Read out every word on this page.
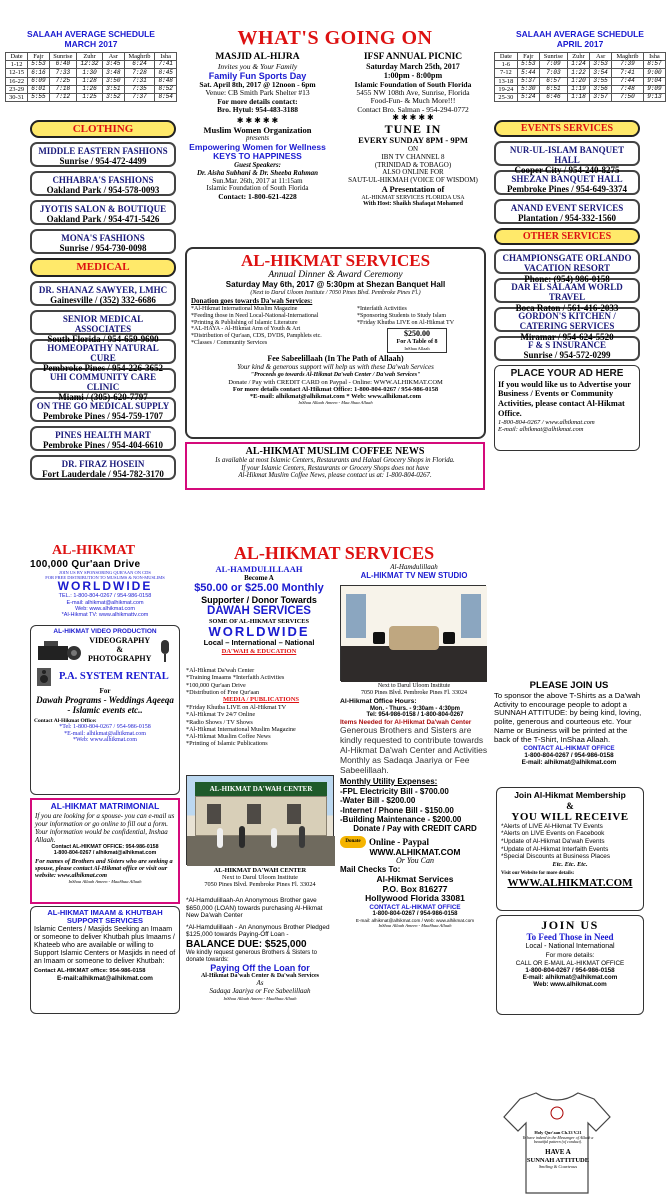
SALAAH AVERAGE SCHEDULE
MARCH 2017
Date	Fajr	Sunrise	Zuhr	Asr	Maghrib	Isha
1-12	5:53	6:40	12:32	3:45	6:24	7:41
12-15	6:16	7:33	1:30	3:48	7:28	8:45
16-22	6:09	7:25	1:28	3:50	7:31	8:48
23-29	6:01	7:18	1:26	3:51	7:35	8:52
30-31	5:55	7:12	1:25	3:52	7:37	8:54
SALAAH AVERAGE SCHEDULE
APRIL 2017
Date	Fajr	Sunrise	Zuhr	Asr	Maghrib	Isha
1-6	5:53	7:09	1:24	3:53	7:39	8:57
7-12	5:44	7:03	1:22	3:54	7:41	9:00
13-18	5:37	6:57	1:20	3:55	7:44	9:04
19-24	5:30	6:51	1:19	3:56	7:48	9:09
25-30	5:24	6:46	1:18	3:57	7:50	9:13
CLOTHING
MIDDLE EASTERN FASHIONS
Sunrise / 954-472-4499
CHHABRA'S FASHIONS
Oakland Park / 954-578-0093
JYOTIS SALON & BOUTIQUE
Oakland Park / 954-471-5426
MONA'S FASHIONS
Sunrise / 954-730-0098
MEDICAL
DR. SHANAZ SAWYER, LMHC
Gainesville / (352) 332-6686
SENIOR MEDICAL ASSOCIATES
South Florida / 954-659-9690
HOMEOPATHY NATURAL CURE
Pembroke Pines / 954-226-3652
UHI COMMUNITY CARE CLINIC
Miami / (305)-620-7797
ON THE GO MEDICAL SUPPLY
Pembroke Pines / 954-759-1707
PINES HEALTH MART
Pembroke Pines / 954-404-6610
DR. FIRAZ HOSEIN
Fort Lauderdale / 954-782-3170
EVENTS SERVICES
NUR-UL-ISLAM BANQUET HALL
Cooper City / 954-240-8275
SHEZAN BANQUET HALL
Pembroke Pines / 954-649-3374
ANAND EVENT SERVICES
Plantation / 954-332-1560
OTHER SERVICES
CHAMPIONSGATE ORLANDO VACATION RESORT
Phone: (954) 986-0158
DAR EL SALAAM WORLD TRAVEL
Boca Raton / 561-416-2033
GORDON'S KITCHEN / CATERING SERVICES
Miramar / 954-624-5520
F & S INSURANCE
Sunrise / 954-572-0299
PLACE YOUR AD HERE
If you would like us to Advertise your Business / Events or Community Activities, please contact Al-Hikmat Office.
1-800-804-0267 / www.alhikmat.com
E-mail: alhikmat@alhikmat.com
WHAT'S GOING ON
MASJID AL-HIJRA
Invites you & Your Family
Family Fun Sports Day
Sat. April 8th, 2017 @ 12noon - 6pm
Venue: CB Smith Park Shelter #13
For more details contact:
Bro. Hytul: 954-483-3188
✱ ✱ ✱ ✱ ✱
Muslim Women Organization
presents
Empowering Women for Wellness
KEYS TO HAPPINESS
Guest Speakers:
Dr. Aisha Subhani & Dr. Sheeba Rahman
Sun.Mar. 26th, 2017 at 11:15am
Islamic Foundation of South Florida
Contact: 1-800-621-4228
IFSF ANNUAL PICNIC
Saturday March 25th, 2017
1:00pm - 8:00pm
Islamic Foundation of South Florida
5455 NW 108th Ave, Sunrise, Florida
Food-Fun- & Much More!!!
Contact Bro. Salman - 954-294-0772
✱ ✱ ✱ ✱ ✱
TUNE IN
EVERY SUNDAY 8PM - 9PM
ON
IBN TV CHANNEL 8
(TRINIDAD & TOBAGO)
ALSO ONLINE FOR
SAUT-UL-HIKMAH (VOICE OF WISDOM)
A Presentation of
AL-HIKMAT SERVICES FLORIDA USA
With Host: Shaikh Shafaqat Mohamed
AL-HIKMAT SERVICES
Annual Dinner & Award Ceremony
Saturday May 6th, 2017 @ 5:30pm at Shezan Banquet Hall
(Next to Darul Uloom Institute / 7050 Pines Blvd. Pembroke Pines Fl.)
Donation goes towards Da'wah Services:
*Al-Hikmat International Muslim Magazine
*Feeding those in Need Local-National-International
*Printing & Publishing of Islamic Literature
*AL-HAYA - Al-Hikmat Arm of Youth & Art
*Distribution of Qur'aan, CDS, DVDS, Pamphlets etc.
*Classes / Community Services
*Interfaith Activities
*Sponsoring Students to Study Islam
*Friday Khutba LIVE on Al-Hikmat TV
$250.00
For A Table of 8
InShaa Allaah
Fee Sabeelillaah (In The Path of Allaah)
Your kind & generous support will help us with these Da'wah Services
"Proceeds go towards Al-Hikmat Da'wah Center / Da'wah Services"
Donate / Pay with CREDIT CARD on Paypal - Online: WWW.ALHIKMAT.COM
For more details contact Al-Hikmat Office: 1-800-804-0267 / 954-986-0158
*E-mail: alhikmat@alhikmat.com * Web: www.alhikmat.com
InShaa Allaah Ameen - Maa Shaa Allaah
AL-HIKMAT MUSLIM COFFEE NEWS
Is available at most Islamic Centers, Restaurants and Halaal Grocery Shops in Florida.
If your Islamic Centers, Restaurants or Grocery Shops does not have
Al-Hikmat Muslim Coffee News, please contact us at: 1-800-804-0267.
AL-HIKMAT
100,000 Qur'aan Drive
JOIN US BY SPONSORING QUR'AAN ON CDS
FOR FREE DISTRIBUTION TO MUSLIMS & NON-MUSLIMS
WORLDWIDE
TEL.: 1-800-804-0267 / 954-986-0158
E-mail: alhikmat@alhikmat.com
Web: www.alhikmat.com
*Al-Hikmat TV: www.alhikmattv.com
AL-HIKMAT VIDEO PRODUCTION
VIDEOGRAPHY
&
PHOTOGRAPHY
P.A. SYSTEM RENTAL
For
Dawah Programs - Weddings Aqeeqa - Islamic events etc..
Contact Al-Hikmat Office:
*Tel: 1-800-804-0267 / 954-986-0158
*E-mail: alhikmat@alhikmat.com
*Web: www.alhikmat.com
AL-HIKMAT MATRIMONIAL
If you are looking for a spouse- you can e-mail us your information or go online to fill out a form. Your information would be confidential, Inshaa Allaah.
Contact AL-HIKMAT OFFICE: 954-986-0158
1-800-804-0267 / alhikmat@alhikmat.com
For names of Brothers and Sisters who are seeking a spouse, please contact Al-Hikmat office or visit our website: www.alhikmat.com
InShaa Allaah Ameen - MaaShaa Allaah
AL-HIKMAT IMAAM & KHUTBAH
SUPPORT SERVICES
Islamic Centers / Masjids Seeking an Imaam or someone to deliver Khutbah plus Imaams / Khateeb who are available or willing to Support Islamic Centers or Masjids in need of an Imaam or someone to deliver Khutbah:
Contact AL-HIKMAT office: 954-986-0158
E-mail:alhikmat@alhikmat.com
AL-HIKMAT SERVICES
AL-HAMDULILLAAH
Become A
$50.00 or $25.00 Monthly
Supporter / Donor Towards
DAWAH SERVICES
SOME OF AL-HIKMAT SERVICES
WORLDWIDE
Local – International – National
DA'WAH & EDUCATION
*Al-Hikmat Da'wah Center
*Training Imaams *Interfaith Activities
*100,000 Qur'aan Drive
*Distribution of Free Qur'aan
MEDIA / PUBLICATIONS
*Friday Khutba LIVE on Al-Hikmat TV
*Al-Hikmat Tv 24/7 Online
*Radio Shows / TV Shows
*Al-Hikmat International Muslim Magazine
*Al-Hikmat Muslim Coffee News
*Printing of Islamic Publications
AL-HIKMAT DA'WAH CENTER
AL-HIKMAT DA'WAH CENTER
Next to Darul Uloom Institute
7050 Pines Blvd. Pembroke Pines Fl. 33024
*Al-Hamdulillaah-An Anonymous Brother gave $650,000 (LOAN) towards purchasing Al-Hikmat New Da'wah Center
*Al-Hamdulillaah - An Anonymous Brother Pledged $125,000 towards Paying-Off Loan -
BALANCE DUE: $525,000
We kindly request generous Brothers & Sisters to donate towards:
Paying Off the Loan for
Al-Hikmat Da'wah Center & Da'wah Services
As
Sadaqa Jaariya or Fee Sabeelillaah
InShaa Allaah Ameen - MaaShaa Allaah
Al-Hamdulillaah
AL-HIKMAT TV NEW STUDIO
Next to Darul Uloom Institute
7050 Pines Blvd. Pembroke Pines Fl. 33024
Al-Hikmat Office Hours:
Mon. - Thurs. - 9:30am - 4:30pm
Tel: 954-986-0158 / 1-800-804-0267
Items Needed for Al-Hikmat Da'wah Center
Generous Brothers and Sisters are kindly requested to contribute towards Al-Hikmat Da'wah Center and Activities Monthly as Sadaqa Jaariya or Fee Sabeelillaah.
Monthly Utility Expenses:
-FPL Electricity Bill - $700.00
-Water Bill - $200.00
-Internet / Phone Bill - $150.00
-Building Maintenance - $200.00
Donate / Pay with CREDIT CARD
Donate Online - Paypal
WWW.ALHIKMAT.COM
Or You Can
Mail Checks To:
Al-Hikmat Services
P.O. Box 816277
Hollywood Florida 33081
CONTACT AL-HIKMAT OFFICE
1-800-804-0267 / 954-986-0158
E-mail: alhikmat@alhikmat.com / Web: www.alhikmat.com
InShaa Allaah Ameen - MaaShaa Allaah
Holy Qur'aan Ch.33 V.21
Ye have indeed in the Messenger of Allaah a beautiful pattern (of conduct).
HAVE A
SUNNAH ATTITUDE
Smiling & Courteous
PLEASE JOIN US
To sponsor the above T-Shirts as a Da'wah Activity to encourage people to adopt a SUNNAH ATTITUDE: by being kind, loving, polite, generous and courteous etc. Your Name or Business will be printed at the back of the T-Shirt, InShaa Allaah.
CONTACT AL-HIKMAT OFFICE
1-800-804-0267 / 954-986-0158
E-mail: alhikmat@alhikmat.com
Join Al-Hikmat Membership
&
YOU WILL RECEIVE
*Alerts of LIVE Al-Hikmat TV Events
*Alerts on LIVE Events on Facebook
*Update of Al-Hikmat Da'wah Events
*Update of Al-Hikmat Interfaith Events
*Special Discounts at Business Places
Etc. Etc. Etc.
Visit our Website for more details:
WWW.ALHIKMAT.COM
JOIN US
To Feed Those in Need
Local - National International
For more details:
CALL OR E-MAIL AL-HIKMAT OFFICE
1-800-804-0267 / 954-986-0158
E-mail: alhikmat@alhikmat.com
Web: www.alhikmat.com
